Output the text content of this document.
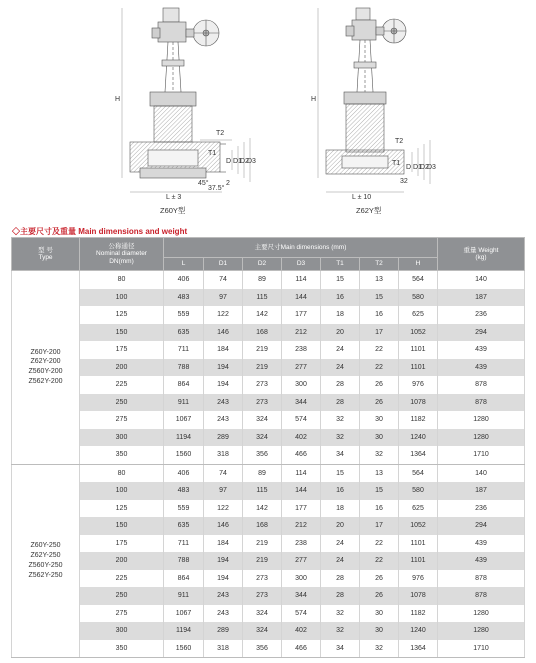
H
T2
T1
D D1
D2
D3
45°
37.5°
2
L ± 3
Z60Y型
H
T2
T1
D D1
D2
D3
32
L ± 10
Z62Y型
◇主要尺寸及重量 Main dimensions and weight
型 号
Type	公称通径
Nominal diameter
DN(mm)	主要尺寸Main dimensions (mm)							重量 Weight
(kg)
		L	D1	D2	D3	T1	T2	H	

Z60Y-200
Z62Y-200
Z560Y-200
Z562Y-200	80	406	74	89	114	15	13	564	140
	100	483	97	115	144	16	15	580	187
	125	559	122	142	177	18	16	625	236
	150	635	146	168	212	20	17	1052	294
	175	711	184	219	238	24	22	1101	439
	200	788	194	219	277	24	22	1101	439
	225	864	194	273	300	28	26	976	878
	250	911	243	273	344	28	26	1078	878
	275	1067	243	324	574	32	30	1182	1280
	300	1194	289	324	402	32	30	1240	1280
	350	1560	318	356	466	34	32	1364	1710

Z60Y-250
Z62Y-250
Z560Y-250
Z562Y-250	80	406	74	89	114	15	13	564	140
	100	483	97	115	144	16	15	580	187
	125	559	122	142	177	18	16	625	236
	150	635	146	168	212	20	17	1052	294
	175	711	184	219	238	24	22	1101	439
	200	788	194	219	277	24	22	1101	439
	225	864	194	273	300	28	26	976	878
	250	911	243	273	344	28	26	1078	878
	275	1067	243	324	574	32	30	1182	1280
	300	1194	289	324	402	32	30	1240	1280
	350	1560	318	356	466	34	32	1364	1710
